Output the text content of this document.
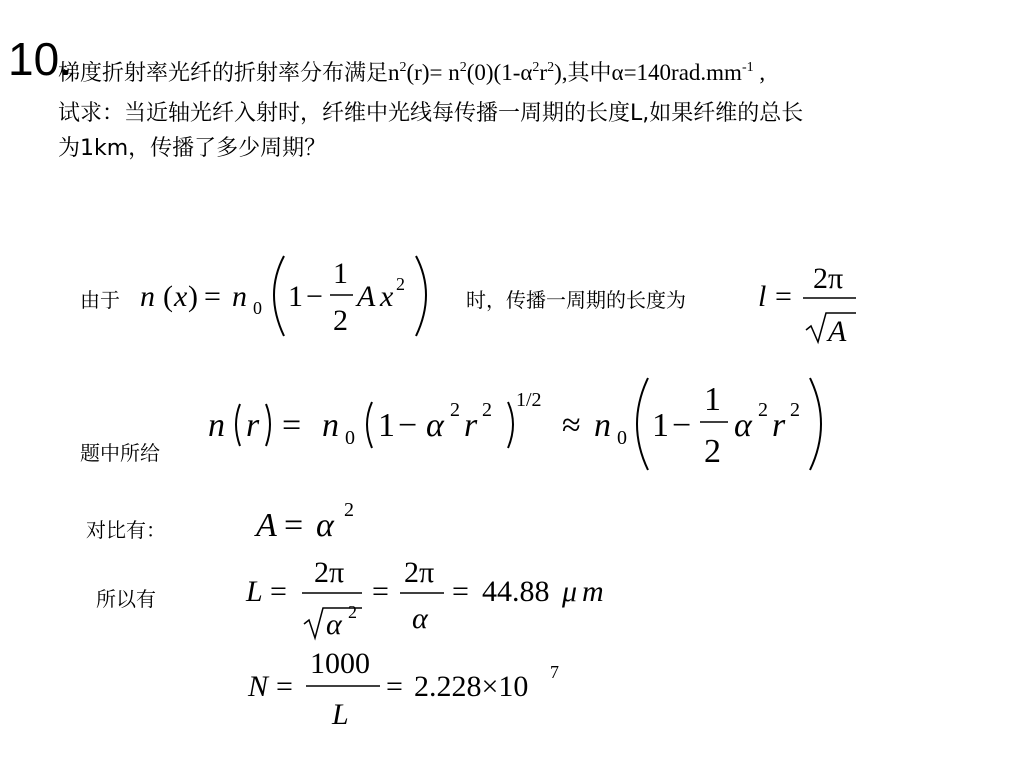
10.
梯度折射率光纤的折射率分布满足$n^2(r)= n^2(0)(1-\alpha^2r^2)$,其中$\alpha=140rad.mm^{-1}$ ,
试求：当近轴光纤入射时，纤维中光线每传播一周期的长度L,如果纤维的总长
为1km，传播了多少周期？
由于	时，传播一周期的长度为
题中所给
对比有：
所以有
n ( x ) = n 0 1 −
1
2
A x 2	l =
2π
A
n r = n 0 1 − α 2 r 2 1/2
≈ n 0 1 −
1
2
α 2 r 2
A = α 2
L =
2π
α 2
=
2π
α
= 44.88 μ m
N =
1000
L
= 2.228×10 7
